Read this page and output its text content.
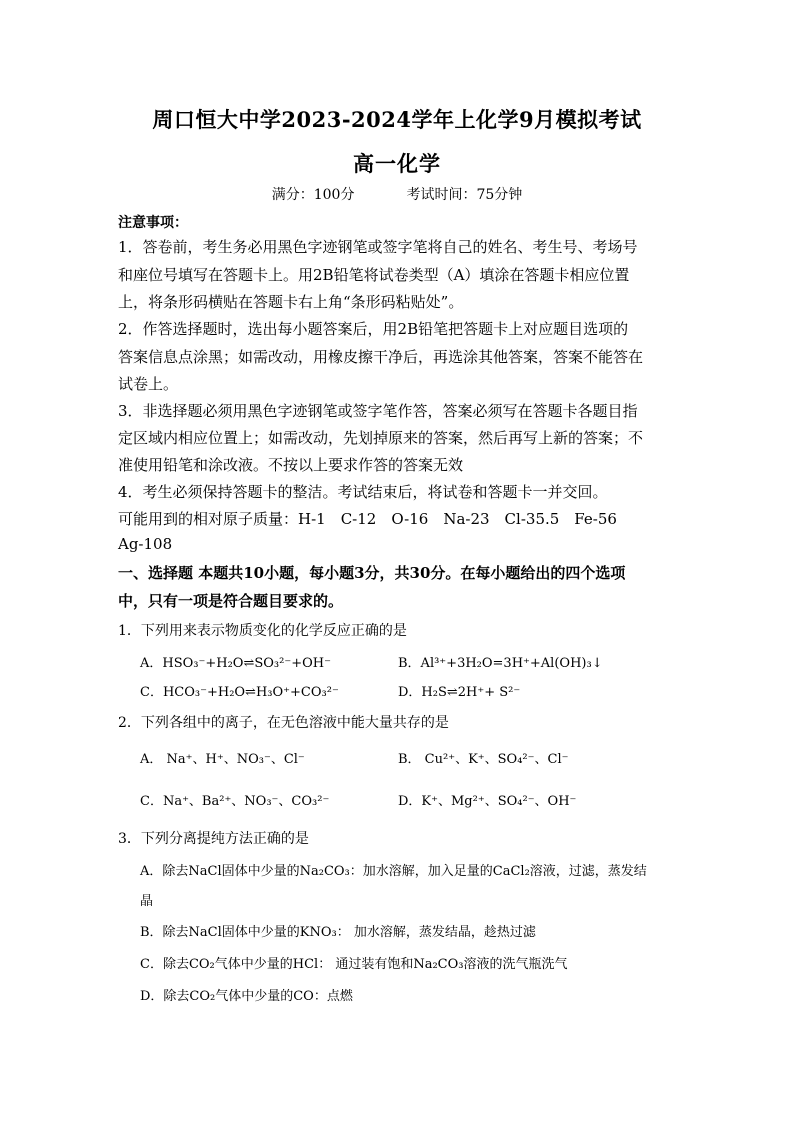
周口恒大中学2023-2024学年上化学9月模拟考试
高一化学
满分：100分	考试时间：75分钟
注意事项：
1．答卷前，考生务必用黑色字迹钢笔或签字笔将自己的姓名、考生号、考场号
和座位号填写在答题卡上。用2B铅笔将试卷类型（A）填涂在答题卡相应位置
上，将条形码横贴在答题卡右上角“条形码粘贴处”。
2．作答选择题时，选出每小题答案后，用2B铅笔把答题卡上对应题目选项的
答案信息点涂黑；如需改动，用橡皮擦干净后，再选涂其他答案，答案不能答在
试卷上。
3．非选择题必须用黑色字迹钢笔或签字笔作答，答案必须写在答题卡各题目指
定区域内相应位置上；如需改动，先划掉原来的答案，然后再写上新的答案；不
准使用铅笔和涂改液。不按以上要求作答的答案无效
4．考生必须保持答题卡的整洁。考试结束后，将试卷和答题卡一并交回。
可能用到的相对原子质量：H-1　C-12　O-16　Na-23　Cl-35.5　Fe-56
Ag-108
一、选择题 本题共10小题，每小题3分，共30分。在每小题给出的四个选项
中，只有一项是符合题目要求的。
1．下列用来表示物质变化的化学反应正确的是
A．HSO₃⁻+H₂O⇌SO₃²⁻+OH⁻	B．Al³⁺+3H₂O=3H⁺+Al(OH)₃↓
C．HCO₃⁻+H₂O⇌H₃O⁺+CO₃²⁻	D．H₂S⇌2H⁺+ S²⁻
2．下列各组中的离子，在无色溶液中能大量共存的是
A． Na⁺、H⁺、NO₃⁻、Cl⁻	B． Cu²⁺、K⁺、SO₄²⁻、Cl⁻
C．Na⁺、Ba²⁺、NO₃⁻、CO₃²⁻	D．K⁺、Mg²⁺、SO₄²⁻、OH⁻
3．下列分离提纯方法正确的是
A．除去NaCl固体中少量的Na₂CO₃：加水溶解，加入足量的CaCl₂溶液，过滤，蒸发结
晶
B．除去NaCl固体中少量的KNO₃： 加水溶解，蒸发结晶，趁热过滤
C．除去CO₂气体中少量的HCl： 通过装有饱和Na₂CO₃溶液的洗气瓶洗气
D．除去CO₂气体中少量的CO：点燃
